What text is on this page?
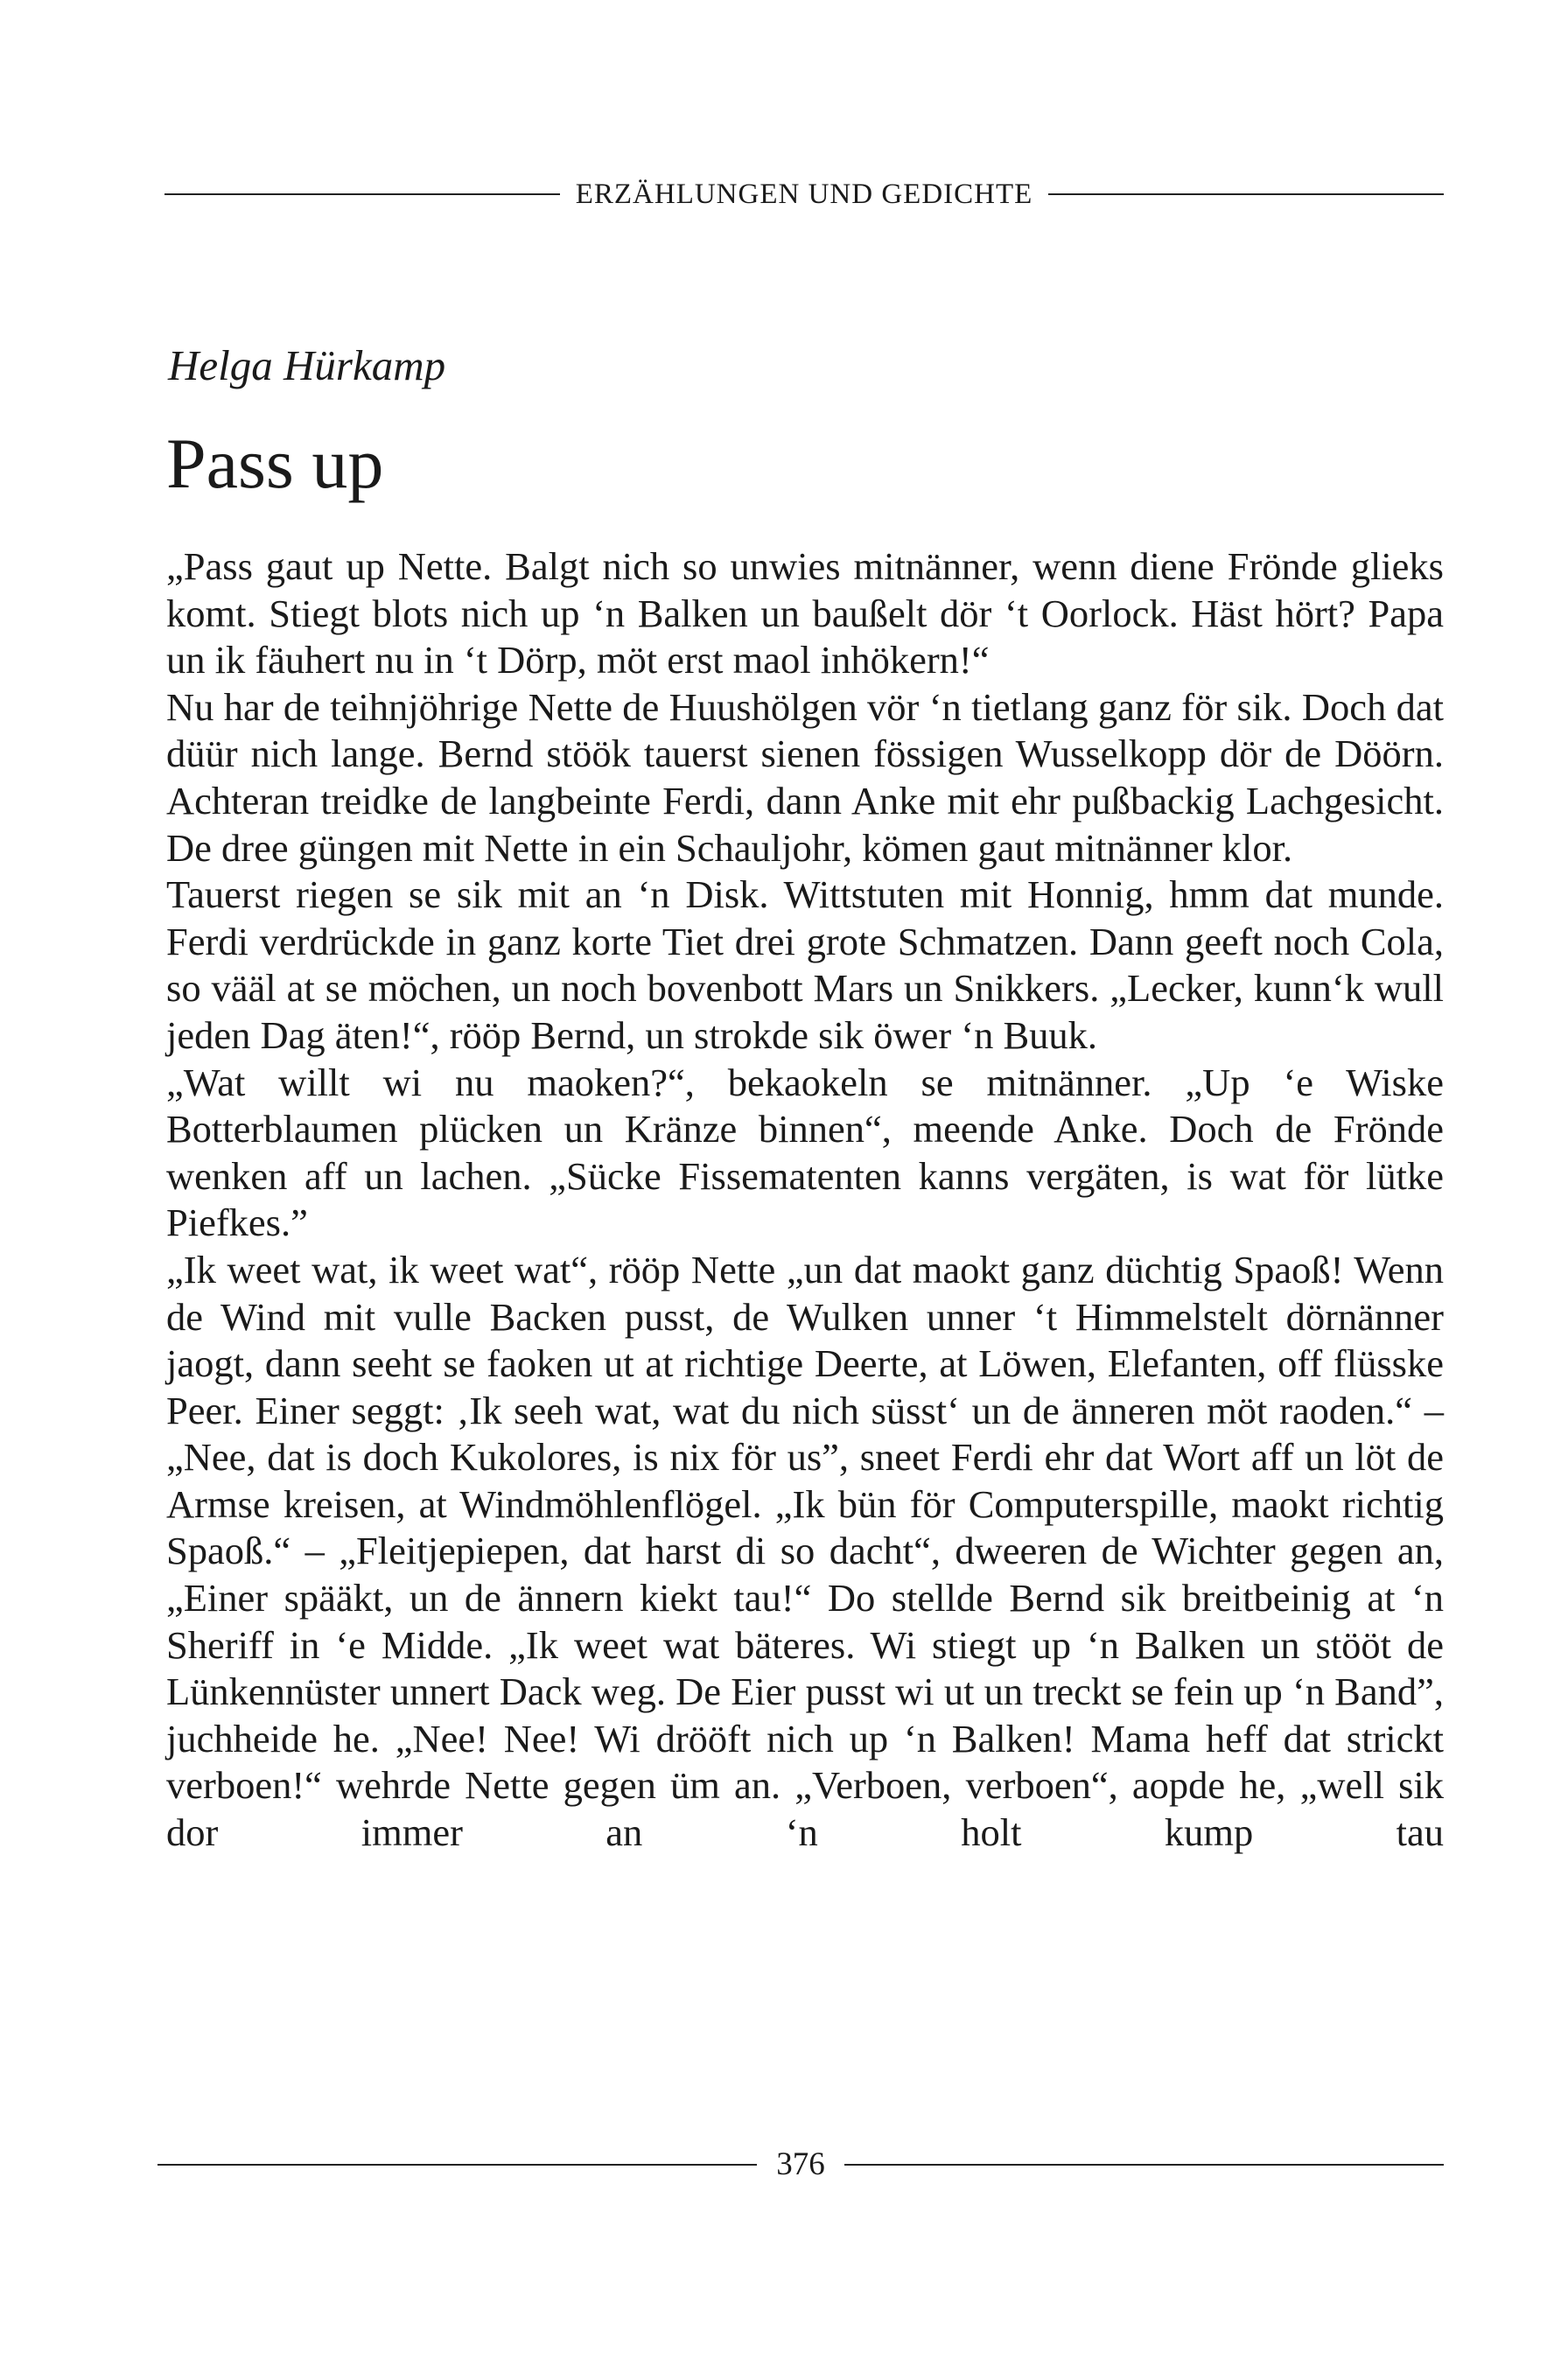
ERZÄHLUNGEN UND GEDICHTE
Helga Hürkamp
Pass up

„Pass gaut up Nette. Balgt nich so unwies mitnänner, wenn diene Frönde glieks komt. Stiegt blots nich up ‘n Balken un baußelt dör ‘t Oorlock. Häst hört? Papa un ik fäuhert nu in ‘t Dörp, möt erst maol inhökern!“

Nu har de teihnjöhrige Nette de Huushölgen vör ‘n tietlang ganz för sik. Doch dat düür nich lange. Bernd stöök tauerst sienen fössigen Wusselkopp dör de Döörn. Achteran treidke de langbeinte Ferdi, dann Anke mit ehr pußbackig Lachgesicht. De dree güngen mit Nette in ein Schauljohr, kömen gaut mitnänner klor.

Tauerst riegen se sik mit an ‘n Disk. Wittstuten mit Honnig, hmm dat munde. Ferdi verdrückde in ganz korte Tiet drei grote Schmatzen. Dann geeft noch Cola, so vääl at se möchen, un noch bovenbott Mars un Snikkers. „Lecker, kunn‘k wull jeden Dag äten!“, rööp Bernd, un strokde sik öwer ‘n Buuk.

„Wat willt wi nu maoken?“, bekaokeln se mitnänner. „Up ‘e Wiske Botterblaumen plücken un Kränze binnen“, meende Anke. Doch de Frönde wenken aff un lachen. „Sücke Fissematenten kanns vergäten, is wat för lütke Piefkes.”

„Ik weet wat, ik weet wat“, rööp Nette „un dat maokt ganz düchtig Spaoß! Wenn de Wind mit vulle Backen pusst, de Wulken unner ‘t Himmelstelt dörnänner jaogt, dann seeht se faoken ut at richtige Deerte, at Löwen, Elefanten, off flüsske Peer. Einer seggt: ‚Ik seeh wat, wat du nich süsst‘ un de änneren möt raoden.“ – „Nee, dat is doch Kukolores, is nix för us”, sneet Ferdi ehr dat Wort aff un löt de Armse kreisen, at Windmöhlenflögel. „Ik bün för Computerspille, maokt richtig Spaoß.“ – „Fleitjepiepen, dat harst di so dacht“, dweeren de Wichter gegen an, „Einer spääkt, un de ännern kiekt tau!“ Do stellde Bernd sik breitbeinig at ‘n Sheriff in ‘e Midde. „Ik weet wat bäteres. Wi stiegt up ‘n Balken un stööt de Lünkennüster unnert Dack weg. De Eier pusst wi ut un treckt se fein up ‘n Band”, juchheide he. „Nee! Nee! Wi drööft nich up ‘n Balken! Mama heff dat strickt verboen!“ wehrde Nette gegen üm an. „Verboen, verboen“, aopde he, „well sik dor immer an ‘n holt kump tau

376
